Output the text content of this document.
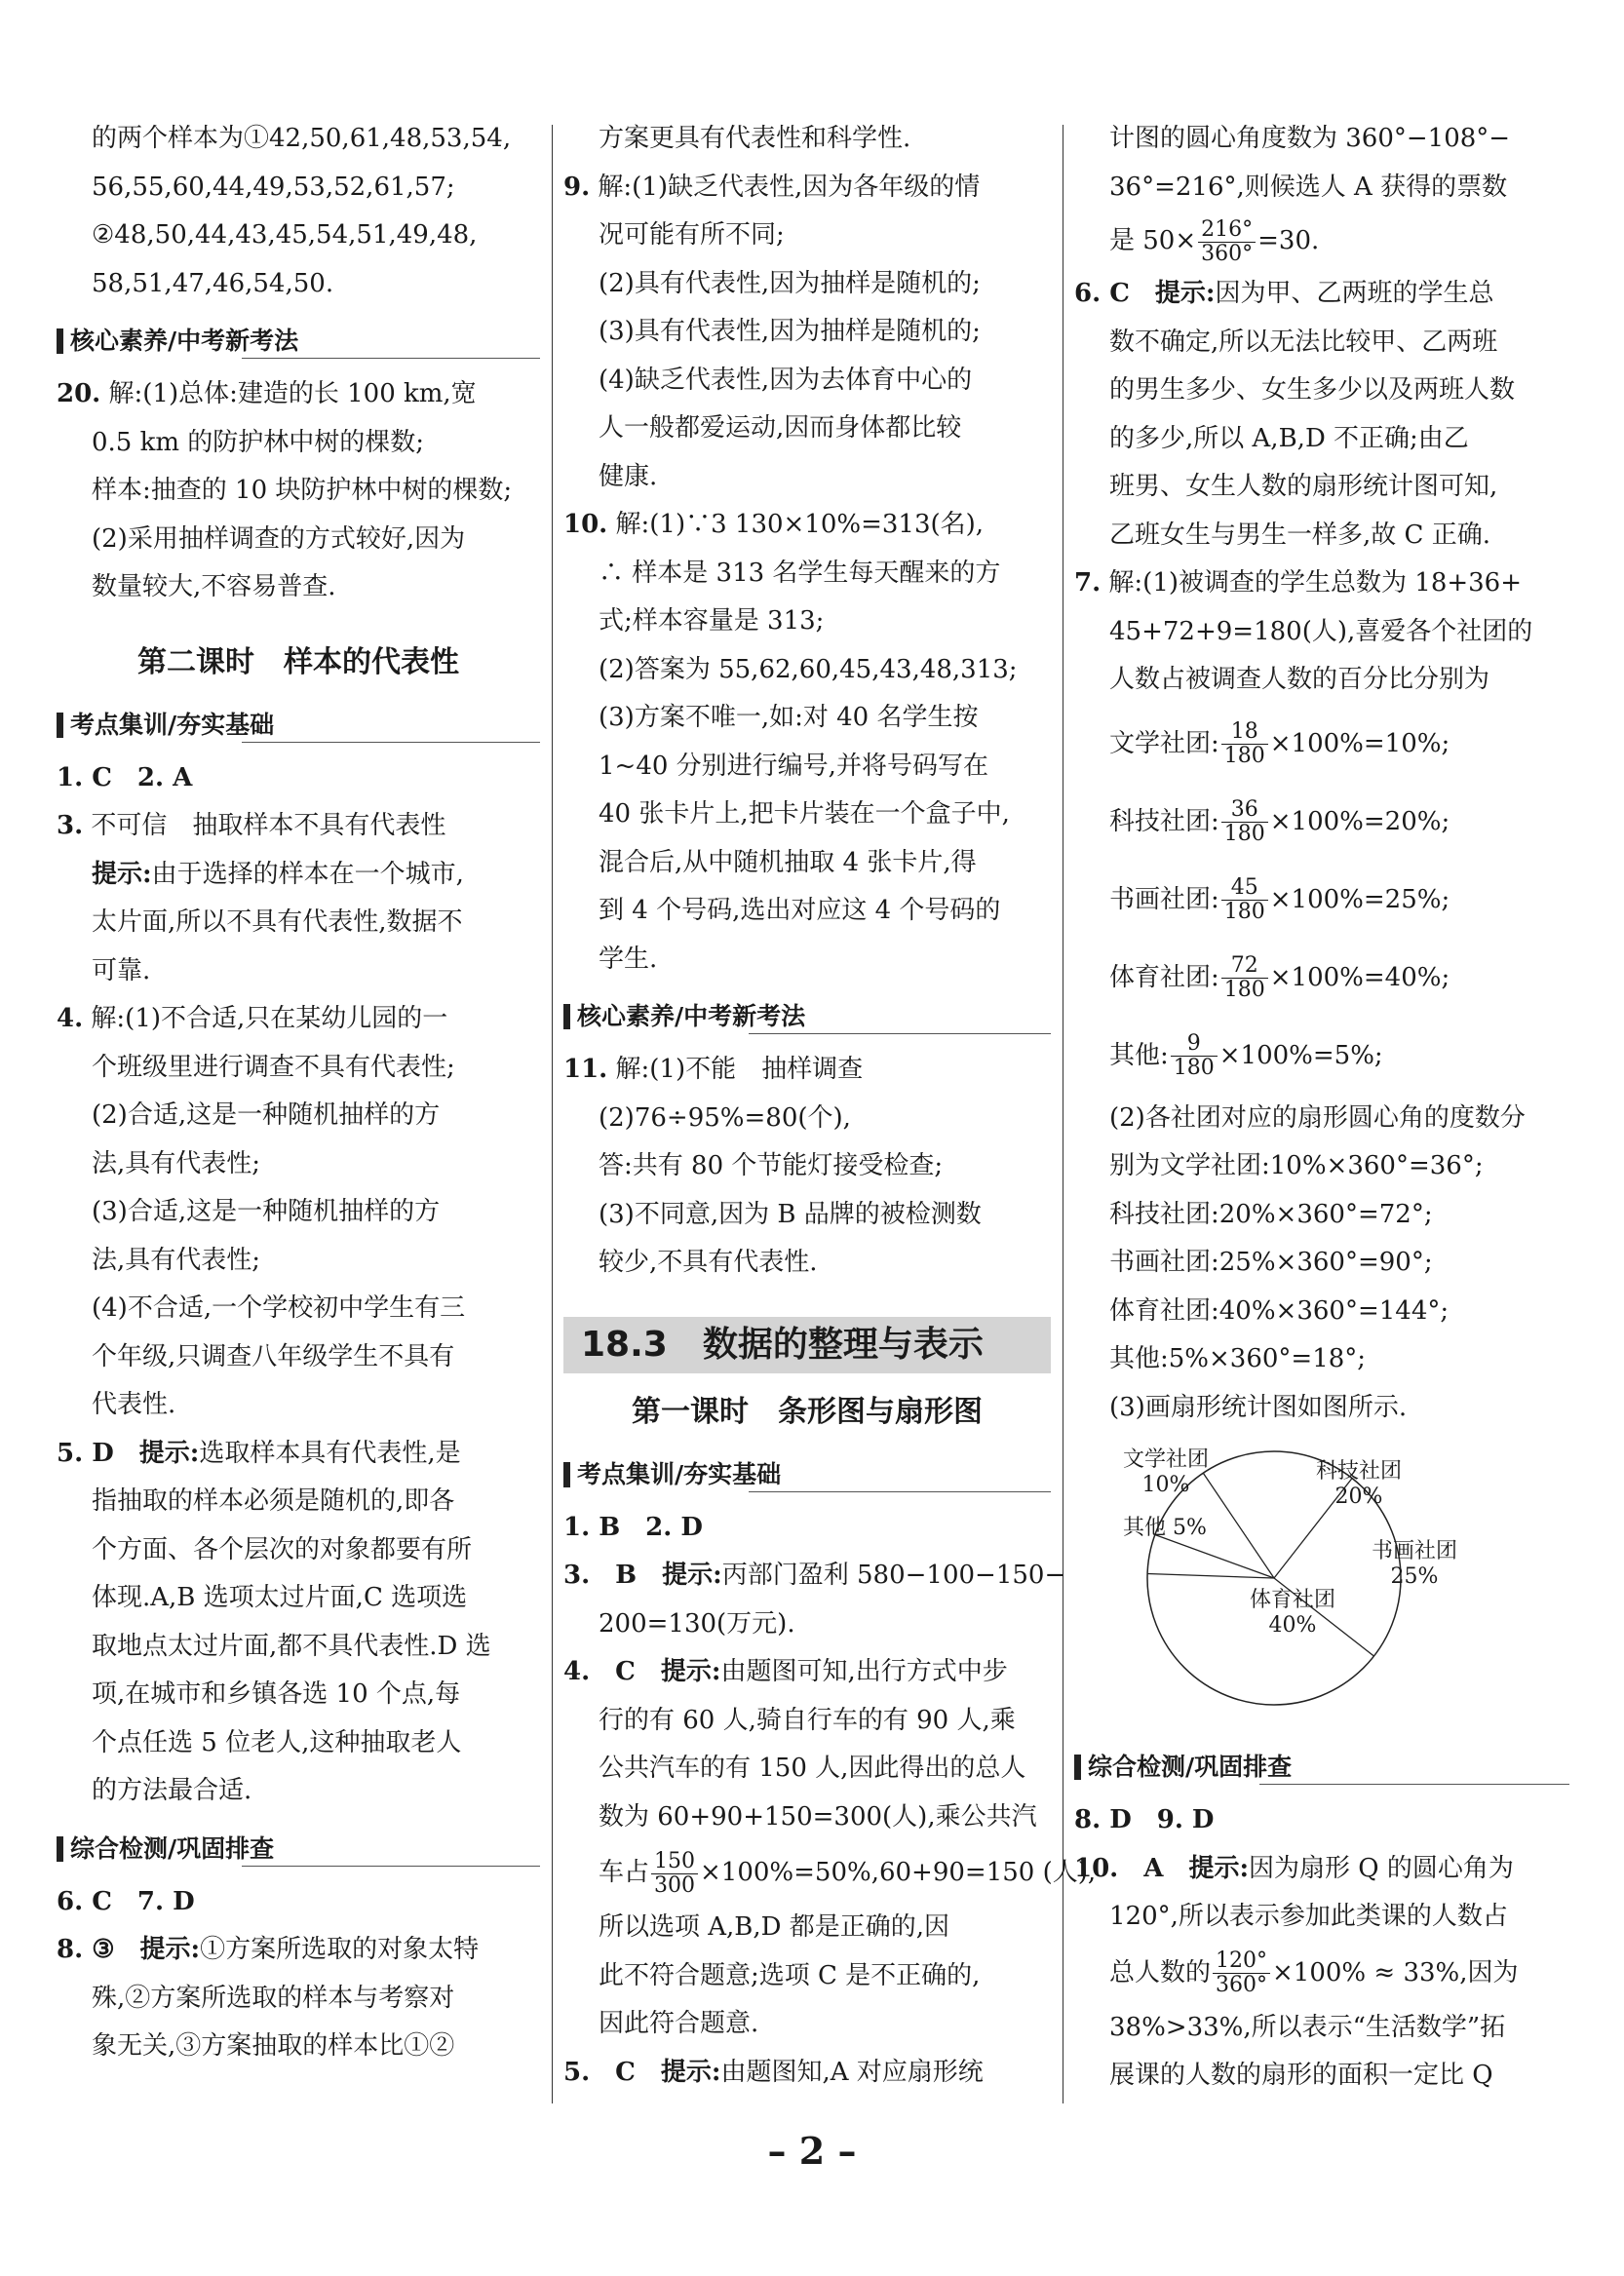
的两个样本为①42,50,61,48,53,54,
56,55,60,44,49,53,52,61,57;
②48,50,44,43,45,54,51,49,48,
58,51,47,46,54,50.
核心素养/中考新考法
20. 解:(1)总体:建造的长 100 km,宽
0.5 km 的防护林中树的棵数;
样本:抽查的 10 块防护林中树的棵数;
(2)采用抽样调查的方式较好,因为
数量较大,不容易普查.
第二课时　样本的代表性
考点集训/夯实基础
1. C　2. A
3. 不可信　抽取样本不具有代表性
提示:由于选择的样本在一个城市,
太片面,所以不具有代表性,数据不
可靠.
4. 解:(1)不合适,只在某幼儿园的一
个班级里进行调查不具有代表性;
(2)合适,这是一种随机抽样的方
法,具有代表性;
(3)合适,这是一种随机抽样的方
法,具有代表性;
(4)不合适,一个学校初中学生有三
个年级,只调查八年级学生不具有
代表性.
5. D　 提示:选取样本具有代表性,是
指抽取的样本必须是随机的,即各
个方面、各个层次的对象都要有所
体现.A,B 选项太过片面,C 选项选
取地点太过片面,都不具代表性.D 选
项,在城市和乡镇各选 10 个点,每
个点任选 5 位老人,这种抽取老人
的方法最合适.
综合检测/巩固排查
6. C　7. D
8. ③　 提示:①方案所选取的对象太特
殊,②方案所选取的样本与考察对
象无关,③方案抽取的样本比①②
方案更具有代表性和科学性.
9. 解:(1)缺乏代表性,因为各年级的情
况可能有所不同;
(2)具有代表性,因为抽样是随机的;
(3)具有代表性,因为抽样是随机的;
(4)缺乏代表性,因为去体育中心的
人一般都爱运动,因而身体都比较
健康.
10. 解:(1)∵3 130×10%=313(名),
∴ 样本是 313 名学生每天醒来的方
式;样本容量是 313;
(2)答案为 55,62,60,45,43,48,313;
(3)方案不唯一,如:对 40 名学生按
1~40 分别进行编号,并将号码写在
40 张卡片上,把卡片装在一个盒子中,
混合后,从中随机抽取 4 张卡片,得
到 4 个号码,选出对应这 4 个号码的
学生.
核心素养/中考新考法
11. 解:(1)不能　抽样调查
(2)76÷95%=80(个),
答:共有 80 个节能灯接受检查;
(3)不同意,因为 B 品牌的被检测数
较少,不具有代表性.
18.3　数据的整理与表示
第一课时　条形图与扇形图
考点集训/夯实基础
1. B　2. D
3.　B　 提示:丙部门盈利 580−100−150−
200=130(万元).
4.　C　 提示:由题图可知,出行方式中步
行的有 60 人,骑自行车的有 90 人,乘
公共汽车的有 150 人,因此得出的总人
数为 60+90+150=300(人),乘公共汽
车占 $\frac{150}{300} \times 100\%=50\%,60+90=150$ (人),
所以选项 A,B,D 都是正确的,因
此不符合题意;选项 C 是不正确的,
因此符合题意.
5.　C　 提示:由题图知,A 对应扇形统
计图的圆心角度数为 360°−108°−
36°=216°,则候选人 A 获得的票数
是 $50\times \frac{216^\circ}{360^\circ} =30$.
6. C　 提示:因为甲、乙两班的学生总
数不确定,所以无法比较甲、乙两班
的男生多少、女生多少以及两班人数
的多少,所以 A,B,D 不正确;由乙
班男、女生人数的扇形统计图可知,
乙班女生与男生一样多,故 C 正确.
7. 解:(1)被调查的学生总数为 18+36+
45+72+9=180(人),喜爱各个社团的
人数占被调查人数的百分比分别为
文学社团: $\frac{18}{180} \times 100\%=10\%$;
科技社团: $\frac{36}{180} \times 100\%=20\%$;
书画社团: $\frac{45}{180} \times 100\%=25\%$;
体育社团: $\frac{72}{180} \times 100\%=40\%$;
其他: $\frac{9}{180} \times 100\%=5\%$;
(2)各社团对应的扇形圆心角的度数分
别为文学社团:10%×360°=36°;
科技社团:20%×360°=72°;
书画社团:25%×360°=90°;
体育社团:40%×360°=144°;
其他:5%×360°=18°;
(3)画扇形统计图如图所示.
文学社团
10%
科技社团
20%
书画社团
25%
体育社团
40%
其他 5%
综合检测/巩固排查
8. D　9. D
10.　A　 提示:因为扇形 Q 的圆心角为
120°,所以表示参加此类课的人数占
总人数的 $\frac{120^\circ}{360^\circ} \times 100\% \approx 33\%$,因为
38%>33%,所以表示“生活数学”拓
展课的人数的扇形的面积一定比 Q
– 2 –
